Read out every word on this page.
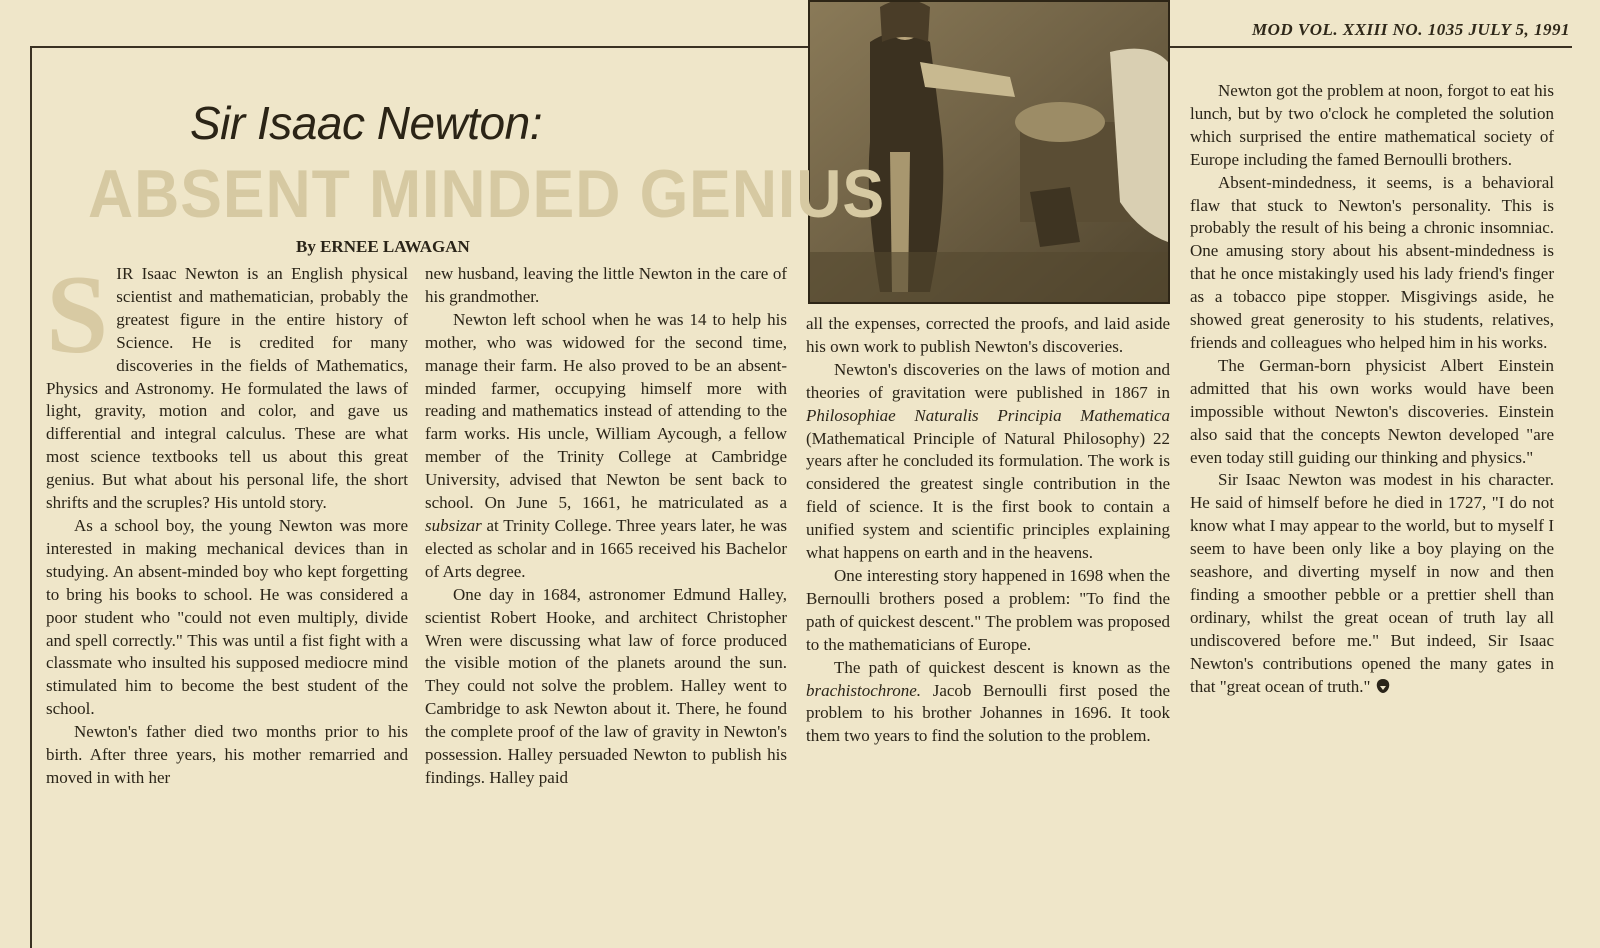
MOD VOL. XXIII NO. 1035 JULY 5, 1991
Sir Isaac Newton:
ABSENT MINDED GENIUS
By ERNEE LAWAGAN

SIR Isaac Newton is an English physical scientist and mathematician, probably the greatest figure in the entire history of Science. He is credited for many discoveries in the fields of Mathematics, Physics and Astronomy. He formulated the laws of light, gravity, motion and color, and gave us differential and integral calculus. These are what most science textbooks tell us about this great genius. But what about his personal life, the short shrifts and the scruples? His untold story.

As a school boy, the young Newton was more interested in making mechanical devices than in studying. An absent-minded boy who kept forgetting to bring his books to school. He was considered a poor student who "could not even multiply, divide and spell correctly." This was until a fist fight with a classmate who insulted his supposed mediocre mind stimulated him to become the best student of the school.

Newton's father died two months prior to his birth. After three years, his mother remarried and moved in with her

new husband, leaving the little Newton in the care of his grandmother.

Newton left school when he was 14 to help his mother, who was widowed for the second time, manage their farm. He also proved to be an absent-minded farmer, occupying himself more with reading and mathematics instead of attending to the farm works. His uncle, William Aycough, a fellow member of the Trinity College at Cambridge University, advised that Newton be sent back to school. On June 5, 1661, he matriculated as a subsizar at Trinity College. Three years later, he was elected as scholar and in 1665 received his Bachelor of Arts degree.

One day in 1684, astronomer Edmund Halley, scientist Robert Hooke, and architect Christopher Wren were discussing what law of force produced the visible motion of the planets around the sun. They could not solve the problem. Halley went to Cambridge to ask Newton about it. There, he found the complete proof of the law of gravity in Newton's possession. Halley persuaded Newton to publish his findings. Halley paid

all the expenses, corrected the proofs, and laid aside his own work to publish Newton's discoveries.

Newton's discoveries on the laws of motion and theories of gravitation were published in 1867 in Philosophiae Naturalis Principia Mathematica (Mathematical Principle of Natural Philosophy) 22 years after he concluded its formulation. The work is considered the greatest single contribution in the field of science. It is the first book to contain a unified system and scientific principles explaining what happens on earth and in the heavens.

One interesting story happened in 1698 when the Bernoulli brothers posed a problem: "To find the path of quickest descent." The problem was proposed to the mathematicians of Europe.

The path of quickest descent is known as the brachistochrone. Jacob Bernoulli first posed the problem to his brother Johannes in 1696. It took them two years to find the solution to the problem.

Newton got the problem at noon, forgot to eat his lunch, but by two o'clock he completed the solution which surprised the entire mathematical society of Europe including the famed Bernoulli brothers.

Absent-mindedness, it seems, is a behavioral flaw that stuck to Newton's personality. This is probably the result of his being a chronic insomniac. One amusing story about his absent-mindedness is that he once mistakingly used his lady friend's finger as a tobacco pipe stopper. Misgivings aside, he showed great generosity to his students, relatives, friends and colleagues who helped him in his works.

The German-born physicist Albert Einstein admitted that his own works would have been impossible without Newton's discoveries. Einstein also said that the concepts Newton developed "are even today still guiding our thinking and physics."

Sir Isaac Newton was modest in his character. He said of himself before he died in 1727, "I do not know what I may appear to the world, but to myself I seem to have been only like a boy playing on the seashore, and diverting myself in now and then finding a smoother pebble or a prettier shell than ordinary, whilst the great ocean of truth lay all undiscovered before me." But indeed, Sir Isaac Newton's contributions opened the many gates in that "great ocean of truth."
